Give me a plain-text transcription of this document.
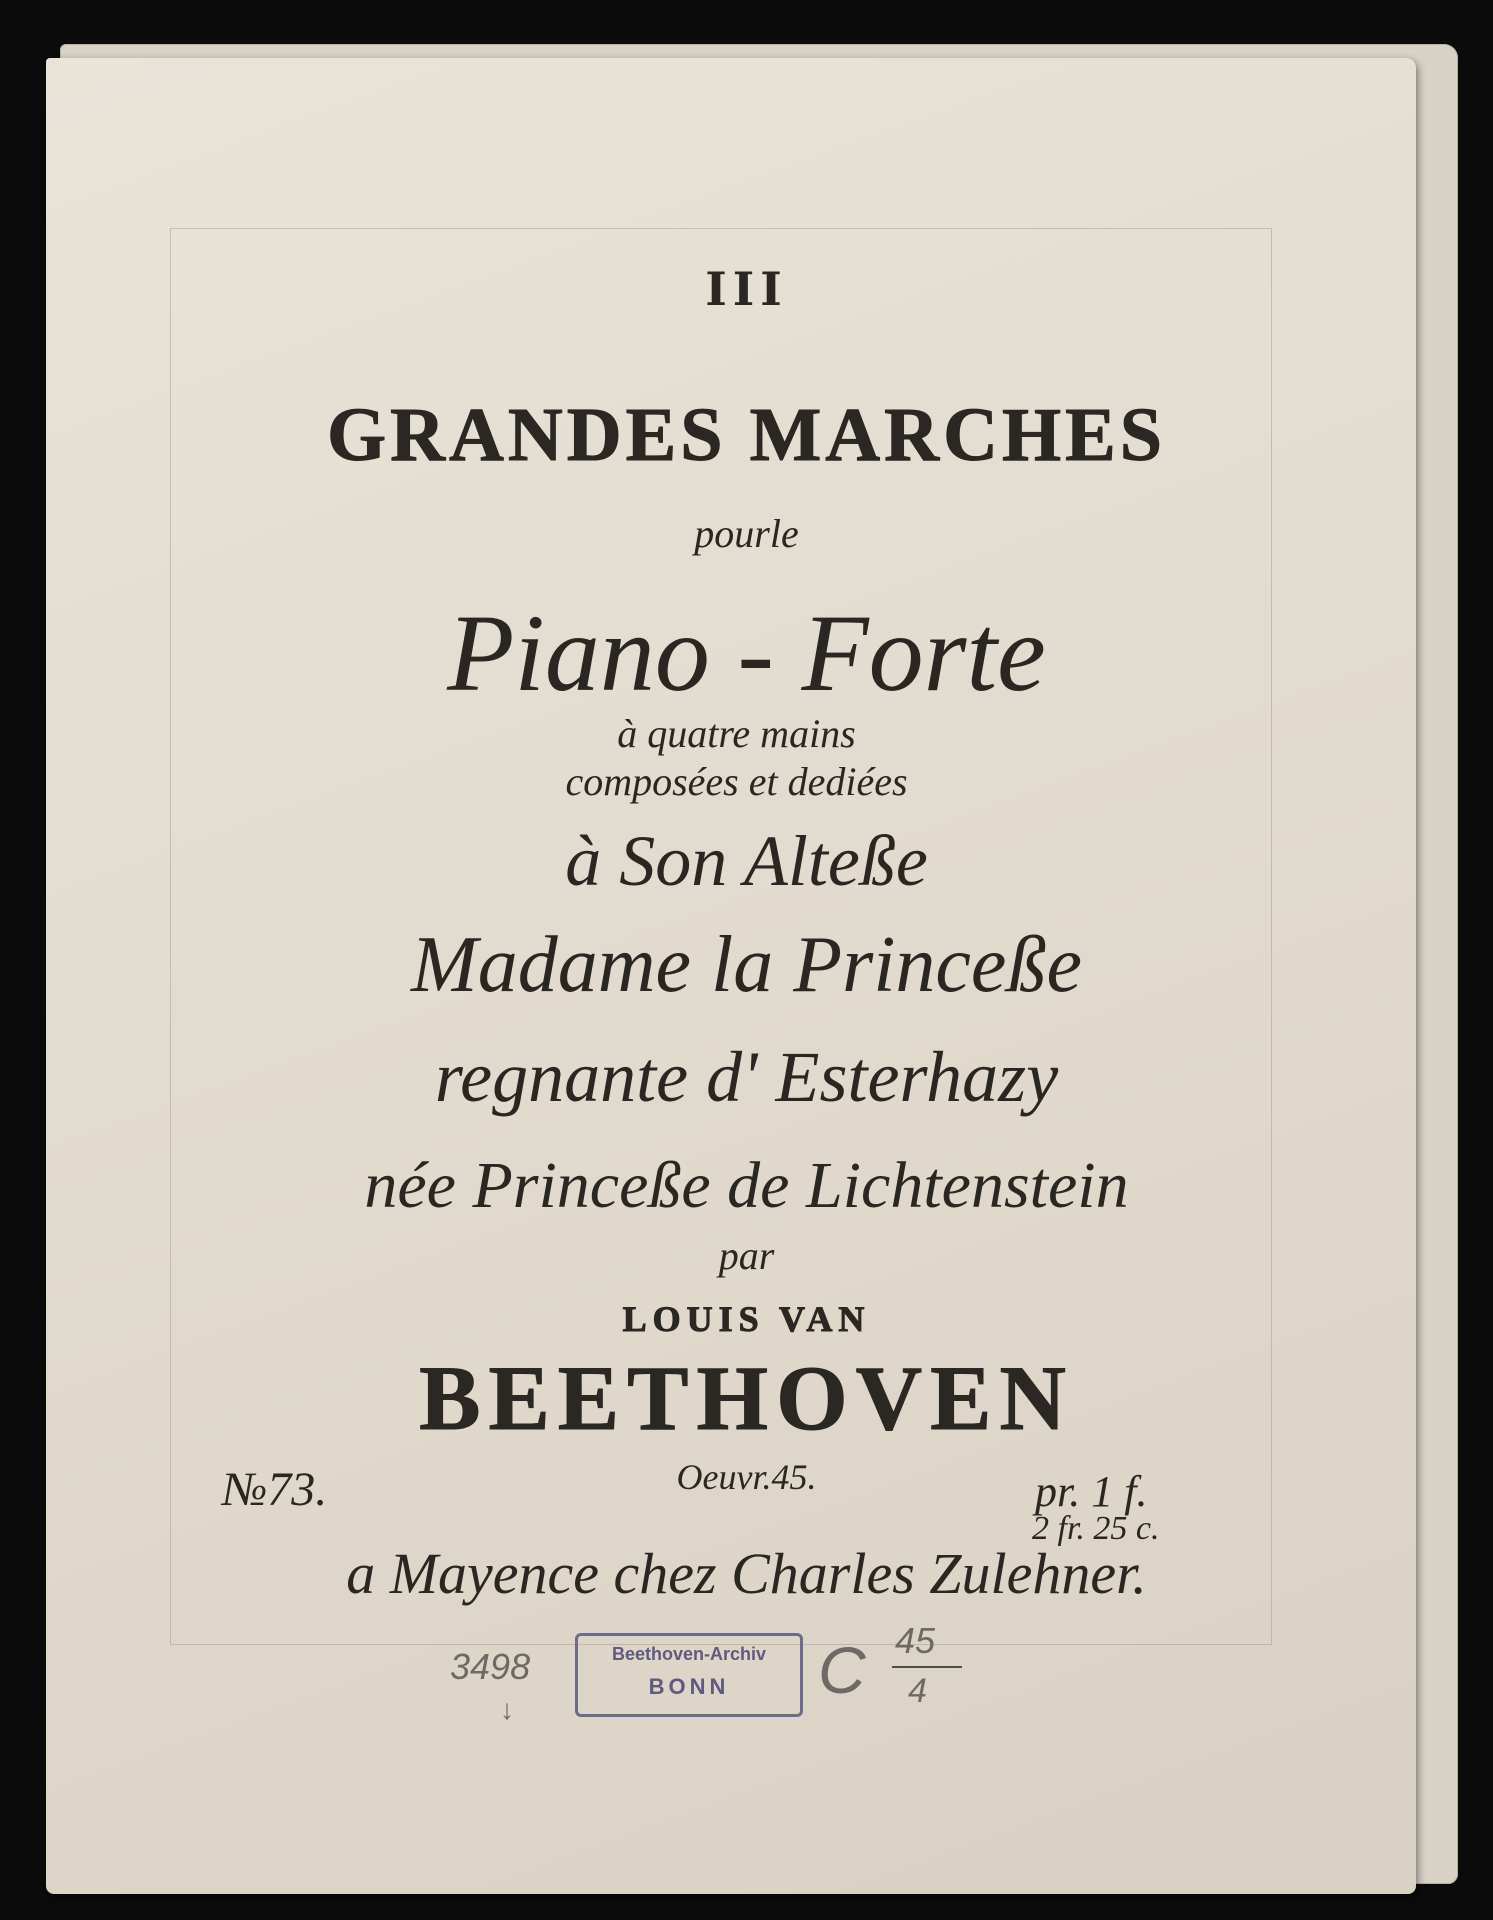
III
GRANDES MARCHES
pourle
Piano - Forte
à quatre mains
composées et dediées
à Son Alteße
Madame la Princeße
regnante d' Esterhazy
née Princeße de Lichtenstein
par
LOUIS VAN
BEETHOVEN
Oeuvr.45.
№73.	pr. 1 f.
2 fr. 25 c.
a Mayence chez Charles Zulehner.
3498
↓
Beethoven-Archiv
BONN	C 45
4
